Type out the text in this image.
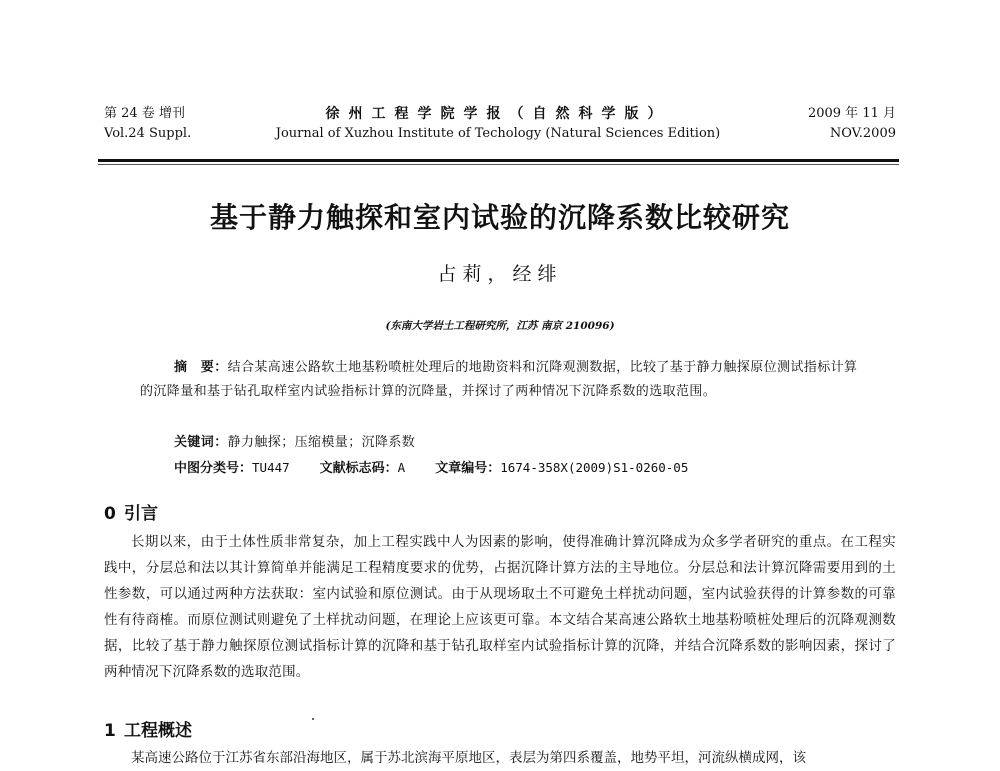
徐州工程学院学报（自然科学版）
Journal of Xuzhou Institute of Techology (Natural Sciences Edition)
第 24 卷 增刊
Vol.24 Suppl.
2009 年 11 月
NOV.2009
基于静力触探和室内试验的沉降系数比较研究
占莉，经绯
(东南大学岩土工程研究所，江苏 南京 210096)
摘　要：结合某高速公路软土地基粉喷桩处理后的地勘资料和沉降观测数据，比较了基于静力触探原位测试指标计算的沉降量和基于钻孔取样室内试验指标计算的沉降量，并探讨了两种情况下沉降系数的选取范围。
关键词：静力触探；压缩模量；沉降系数
中图分类号：TU447 文献标志码：A 文章编号：1674-358X(2009)S1-0260-05
0 引言
长期以来，由于土体性质非常复杂，加上工程实践中人为因素的影响，使得准确计算沉降成为众多学者研究的重点。在工程实践中，分层总和法以其计算简单并能满足工程精度要求的优势，占据沉降计算方法的主导地位。分层总和法计算沉降需要用到的土性参数，可以通过两种方法获取：室内试验和原位测试。由于从现场取土不可避免土样扰动问题，室内试验获得的计算参数的可靠性有待商榷。而原位测试则避免了土样扰动问题，在理论上应该更可靠。本文结合某高速公路软土地基粉喷桩处理后的沉降观测数据，比较了基于静力触探原位测试指标计算的沉降和基于钻孔取样室内试验指标计算的沉降，并结合沉降系数的影响因素，探讨了两种情况下沉降系数的选取范围。
1 工程概述
某高速公路位于江苏省东部沿海地区，属于苏北滨海平原地区，表层为第四系覆盖，地势平坦，河流纵横成网，该
